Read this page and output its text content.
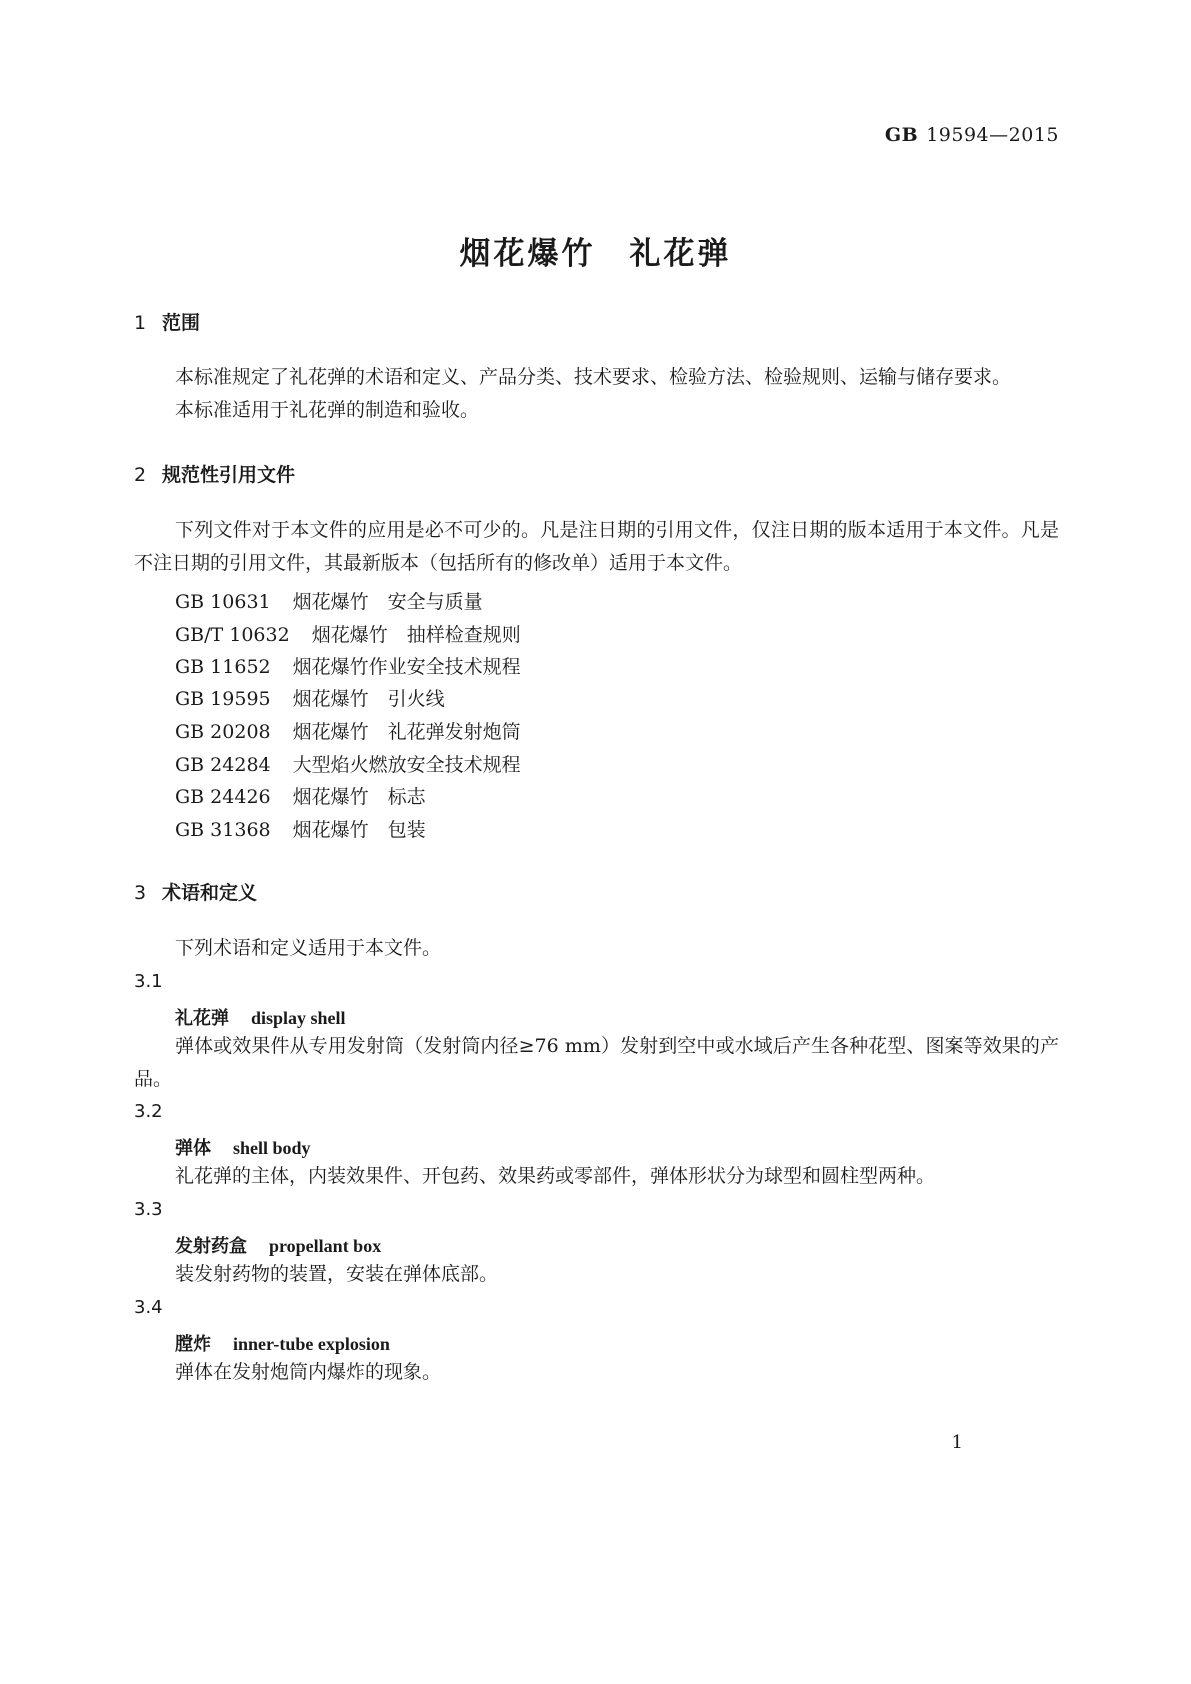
GB 19594—2015
烟花爆竹　礼花弹
1 范围
本标准规定了礼花弹的术语和定义、产品分类、技术要求、检验方法、检验规则、运输与储存要求。
本标准适用于礼花弹的制造和验收。
2 规范性引用文件
下列文件对于本文件的应用是必不可少的。凡是注日期的引用文件，仅注日期的版本适用于本文件。凡是不注日期的引用文件，其最新版本（包括所有的修改单）适用于本文件。
GB 10631 烟花爆竹　安全与质量
GB/T 10632 烟花爆竹　抽样检查规则
GB 11652 烟花爆竹作业安全技术规程
GB 19595 烟花爆竹　引火线
GB 20208 烟花爆竹　礼花弹发射炮筒
GB 24284 大型焰火燃放安全技术规程
GB 24426 烟花爆竹　标志
GB 31368 烟花爆竹　包装
3 术语和定义
下列术语和定义适用于本文件。
3.1
礼花弹 display shell
弹体或效果件从专用发射筒（发射筒内径≥76 mm）发射到空中或水域后产生各种花型、图案等效果的产品。
3.2
弹体 shell body
礼花弹的主体，内装效果件、开包药、效果药或零部件，弹体形状分为球型和圆柱型两种。
3.3
发射药盒 propellant box
装发射药物的装置，安装在弹体底部。
3.4
膛炸 inner-tube explosion
弹体在发射炮筒内爆炸的现象。
1
